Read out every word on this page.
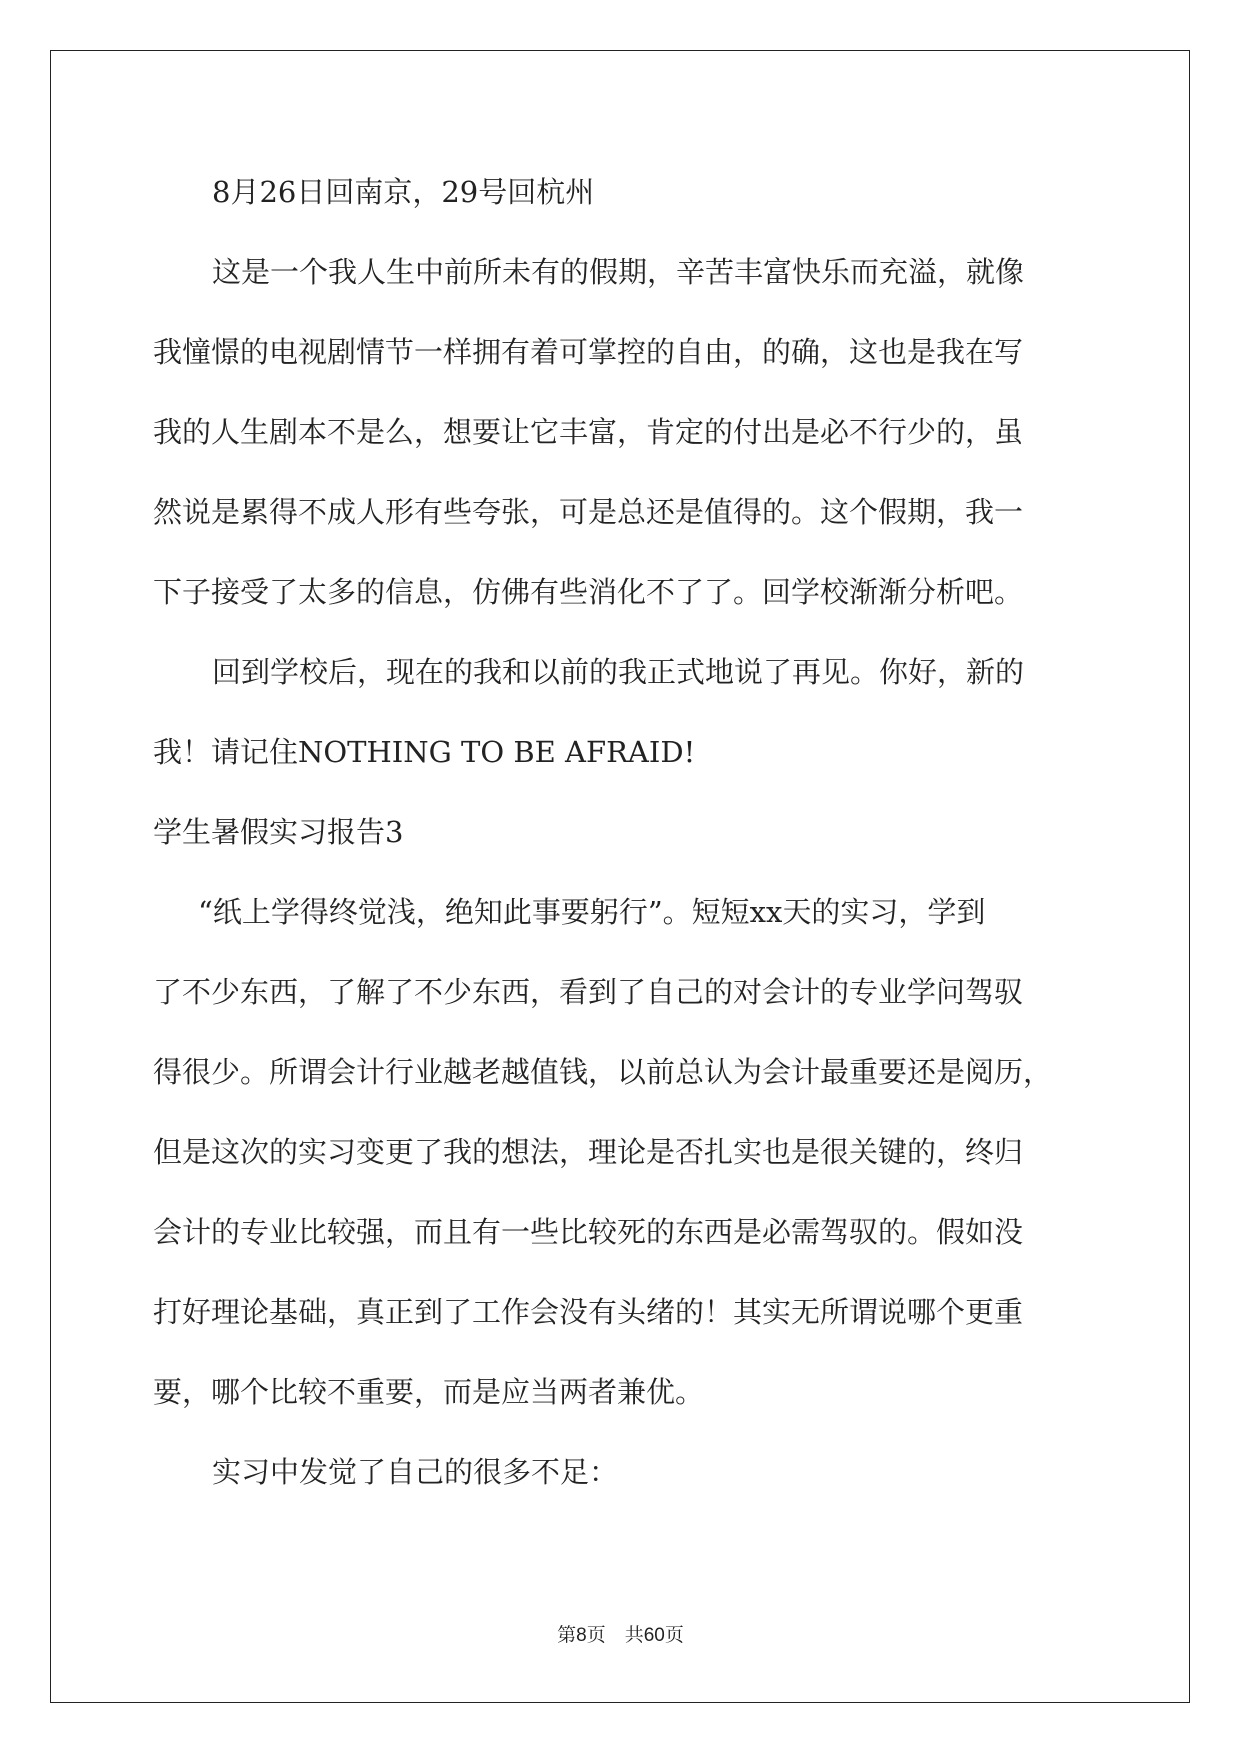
8月26日回南京，29号回杭州

这是一个我人生中前所未有的假期，辛苦丰富快乐而充溢，就像

我憧憬的电视剧情节一样拥有着可掌控的自由，的确，这也是我在写

我的人生剧本不是么，想要让它丰富，肯定的付出是必不行少的，虽

然说是累得不成人形有些夸张，可是总还是值得的。这个假期，我一

下子接受了太多的信息，仿佛有些消化不了了。回学校渐渐分析吧。

回到学校后，现在的我和以前的我正式地说了再见。你好，新的

我！请记住NOTHING TO BE AFRAID!

学生暑假实习报告3

“纸上学得终觉浅，绝知此事要躬行”。短短xx天的实习，学到

了不少东西，了解了不少东西，看到了自己的对会计的专业学问驾驭

得很少。所谓会计行业越老越值钱，以前总认为会计最重要还是阅历，

但是这次的实习变更了我的想法，理论是否扎实也是很关键的，终归

会计的专业比较强，而且有一些比较死的东西是必需驾驭的。假如没

打好理论基础，真正到了工作会没有头绪的！其实无所谓说哪个更重

要，哪个比较不重要，而是应当两者兼优。

实习中发觉了自己的很多不足：

第8页　共60页
